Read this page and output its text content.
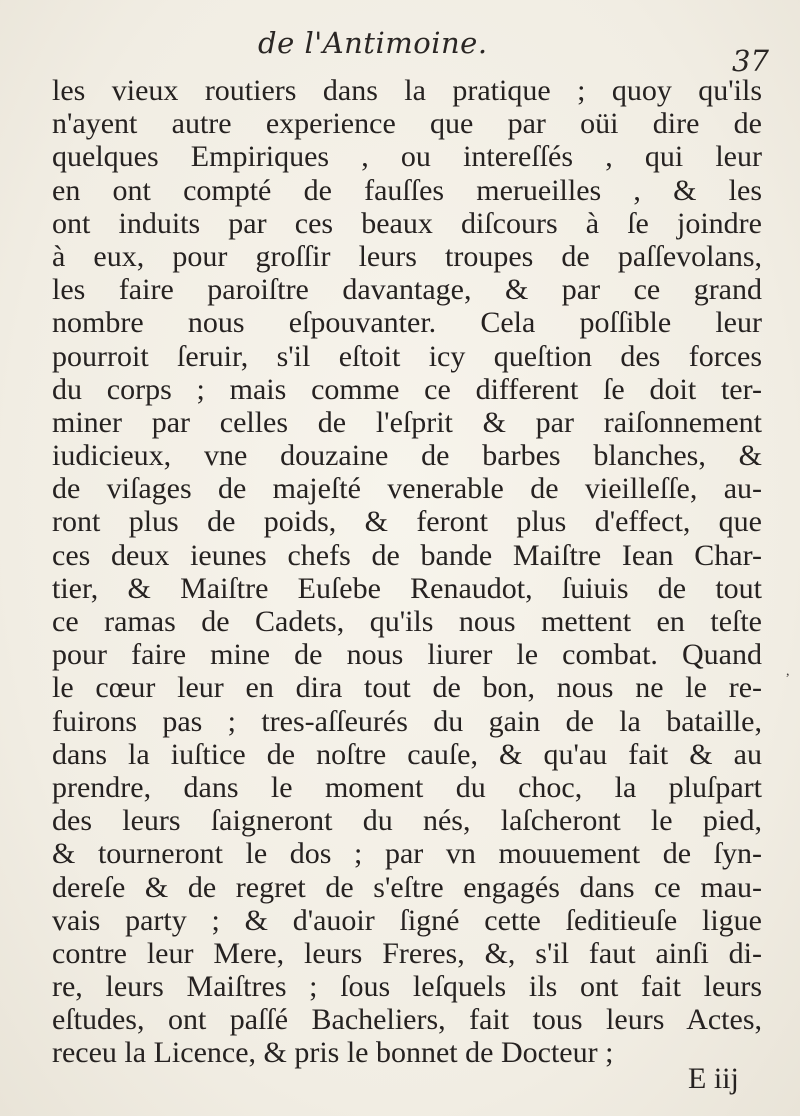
de l'Antimoine.
37
les vieux routiers dans la pratique ; quoy qu'ils
n'ayent autre experience que par oüi dire de
quelques Empiriques , ou intereſſés , qui leur
en ont compté de fauſſes merueilles , & les
ont induits par ces beaux diſcours à ſe joindre
à eux, pour groſſir leurs troupes de paſſevolans,
les faire paroiſtre davantage, & par ce grand
nombre nous eſpouvanter. Cela poſſible leur
pourroit ſeruir, s'il eſtoit icy queſtion des forces
du corps ; mais comme ce different ſe doit ter-
miner par celles de l'eſprit & par raiſonnement
iudicieux, vne douzaine de barbes blanches, &
de viſages de majeſté venerable de vieilleſſe, au-
ront plus de poids, & feront plus d'effect, que
ces deux ieunes chefs de bande Maiſtre Iean Char-
tier, & Maiſtre Euſebe Renaudot, ſuiuis de tout
ce ramas de Cadets, qu'ils nous mettent en teſte
pour faire mine de nous liurer le combat. Quand
le cœur leur en dira tout de bon, nous ne le re-
fuirons pas ; tres-aſſeurés du gain de la bataille,
dans la iuſtice de noſtre cauſe, & qu'au fait & au
prendre, dans le moment du choc, la pluſpart
des leurs ſaigneront du nés, laſcheront le pied,
& tourneront le dos ; par vn mouuement de ſyn-
dereſe & de regret de s'eſtre engagés dans ce mau-
vais party ; & d'auoir ſigné cette ſeditieuſe ligue
contre leur Mere, leurs Freres, &, s'il faut ainſi di-
re, leurs Maiſtres ; ſous leſquels ils ont fait leurs
eſtudes, ont paſſé Bacheliers, fait tous leurs Actes,
receu la Licence, & pris le bonnet de Docteur ;
E iij
,
